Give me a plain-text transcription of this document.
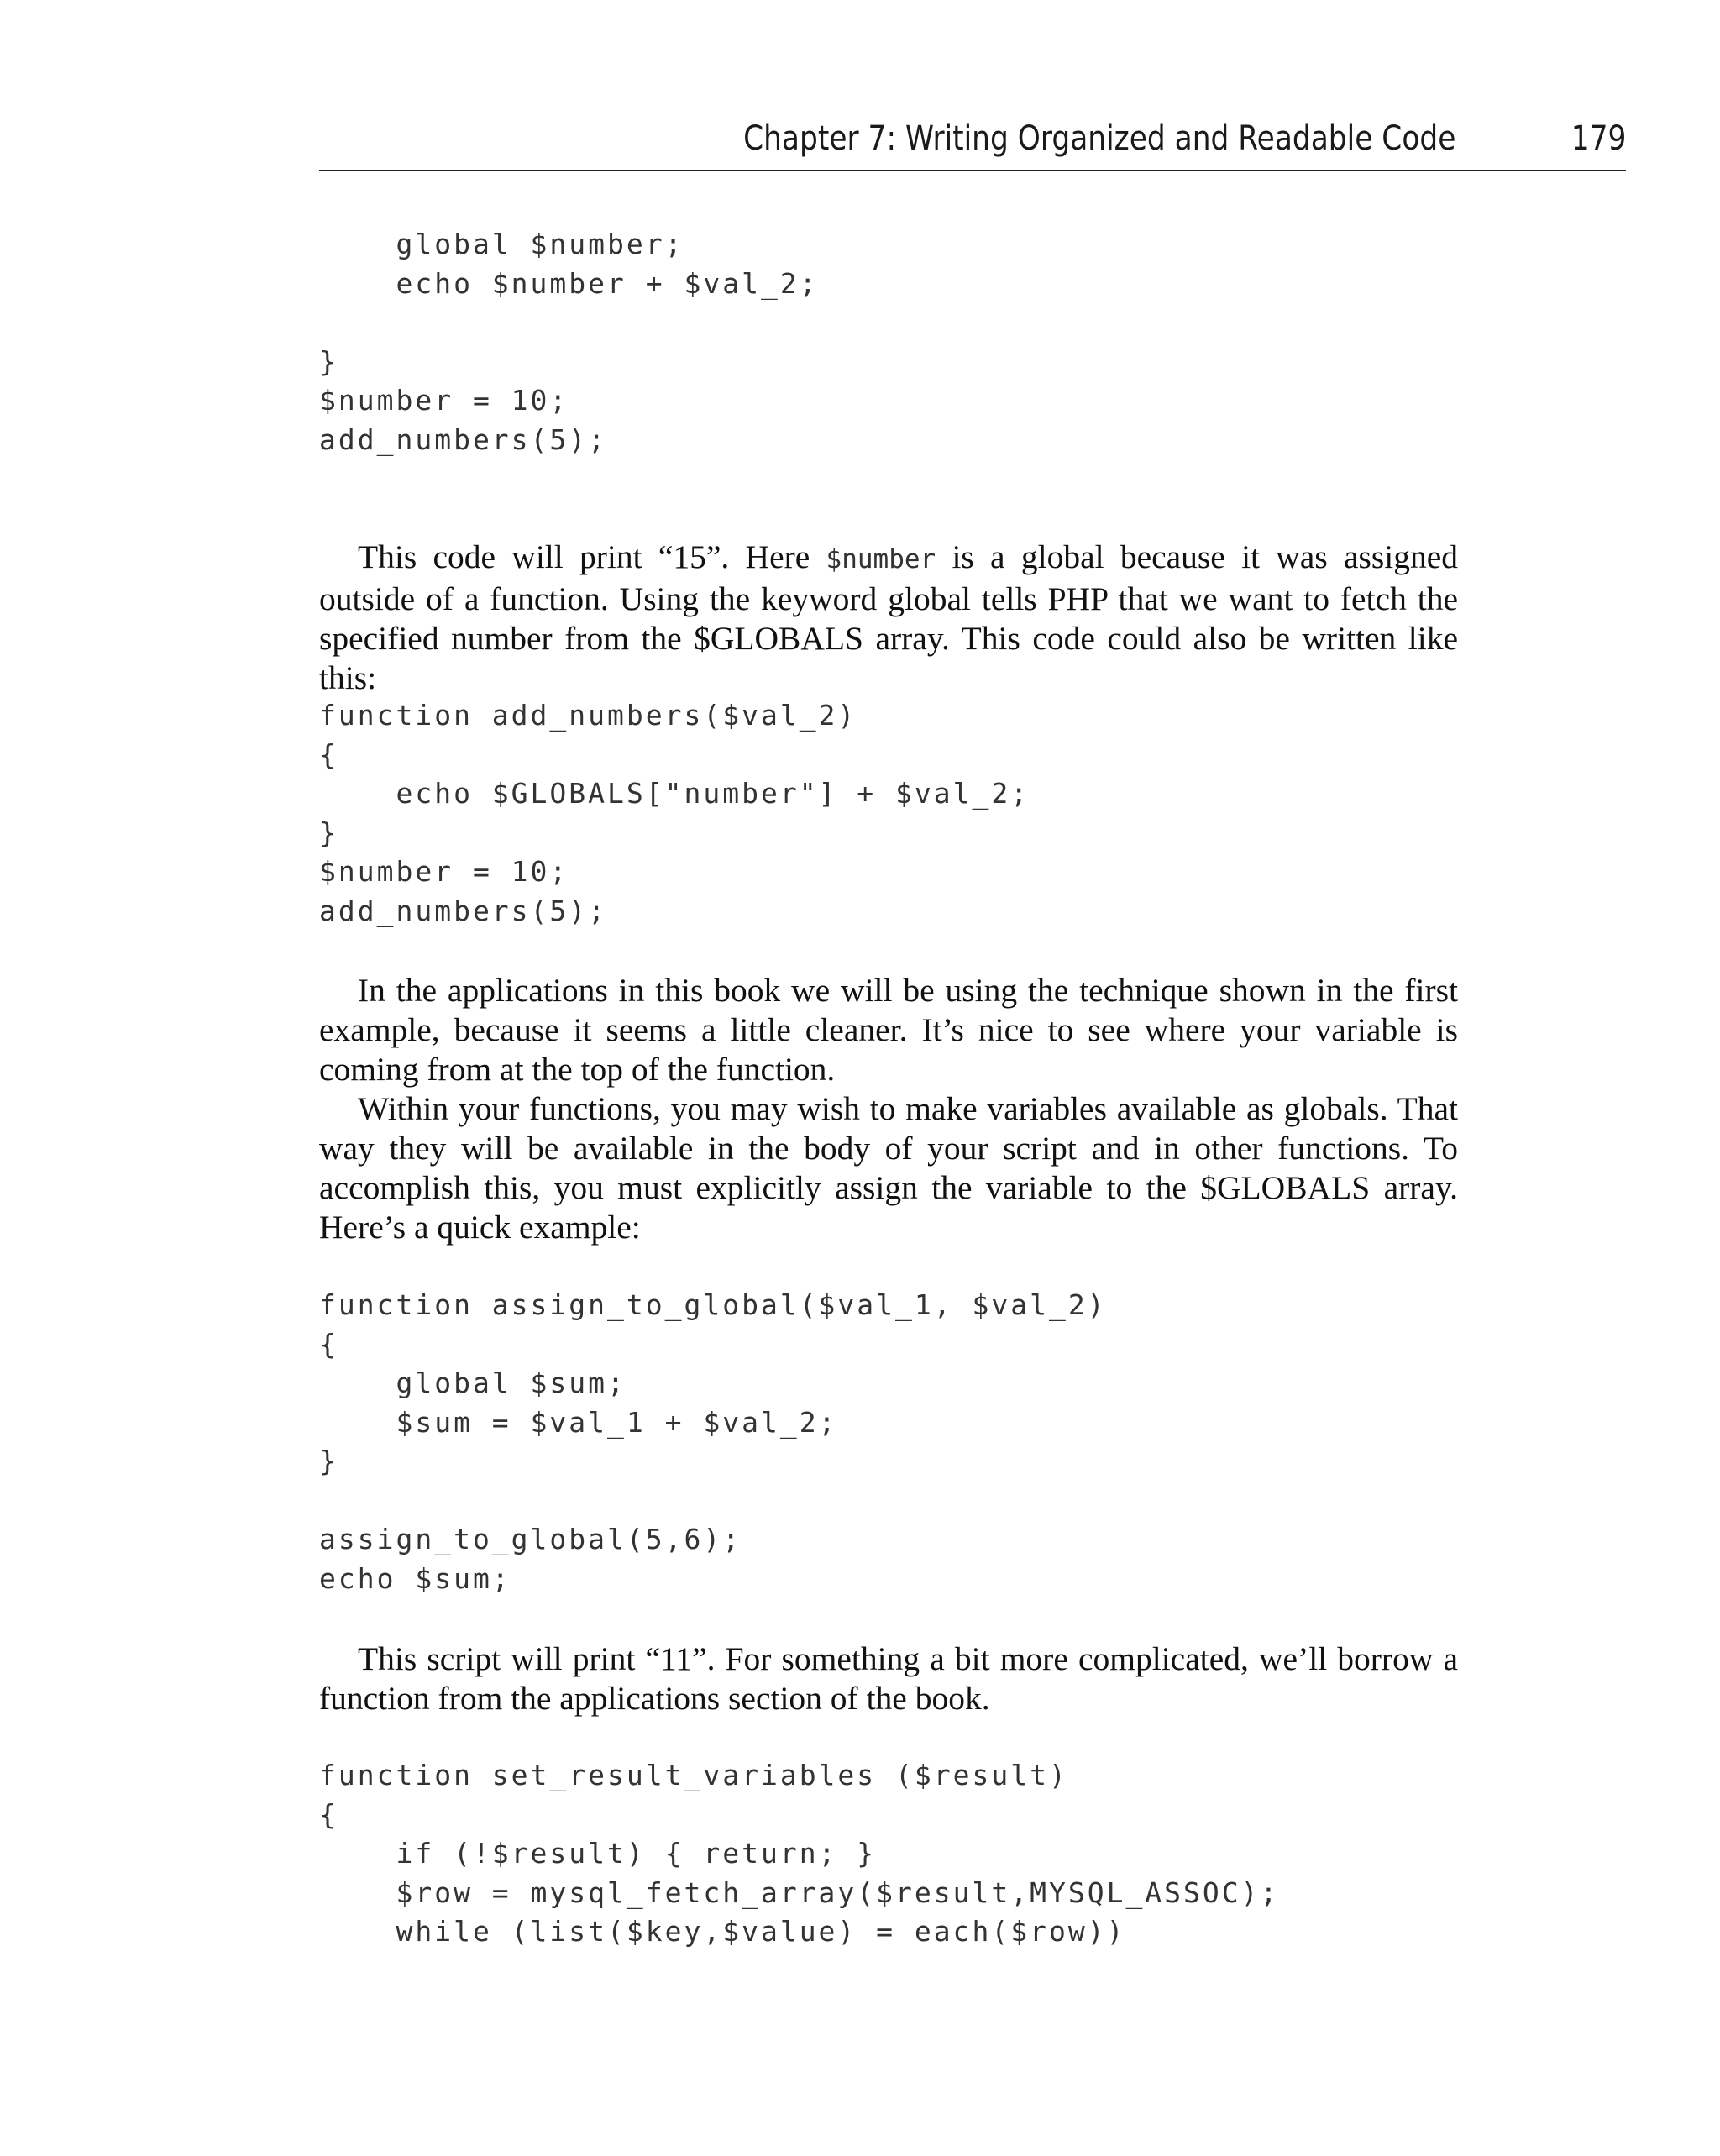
Chapter 7: Writing Organized and Readable Code	179
global $number;
echo $number + $val_2;
}
$number = 10;
add_numbers(5);

This code will print “15”. Here $number is a global because it was assigned outside of a function. Using the keyword global tells PHP that we want to fetch the specified number from the $GLOBALS array. This code could also be written like this:

function add_numbers($val_2)
{
echo $GLOBALS["number"] + $val_2;
}
$number = 10;
add_numbers(5);

In the applications in this book we will be using the technique shown in the first example, because it seems a little cleaner. It’s nice to see where your variable is coming from at the top of the function.

Within your functions, you may wish to make variables available as globals. That way they will be available in the body of your script and in other functions. To accomplish this, you must explicitly assign the variable to the $GLOBALS array. Here’s a quick example:

function assign_to_global($val_1, $val_2)
{
global $sum;
$sum = $val_1 + $val_2;
}
assign_to_global(5,6);
echo $sum;

This script will print “11”. For something a bit more complicated, we’ll borrow a function from the applications section of the book.

function set_result_variables ($result)
{
if (!$result) { return; }
$row = mysql_fetch_array($result,MYSQL_ASSOC);
while (list($key,$value) = each($row))
